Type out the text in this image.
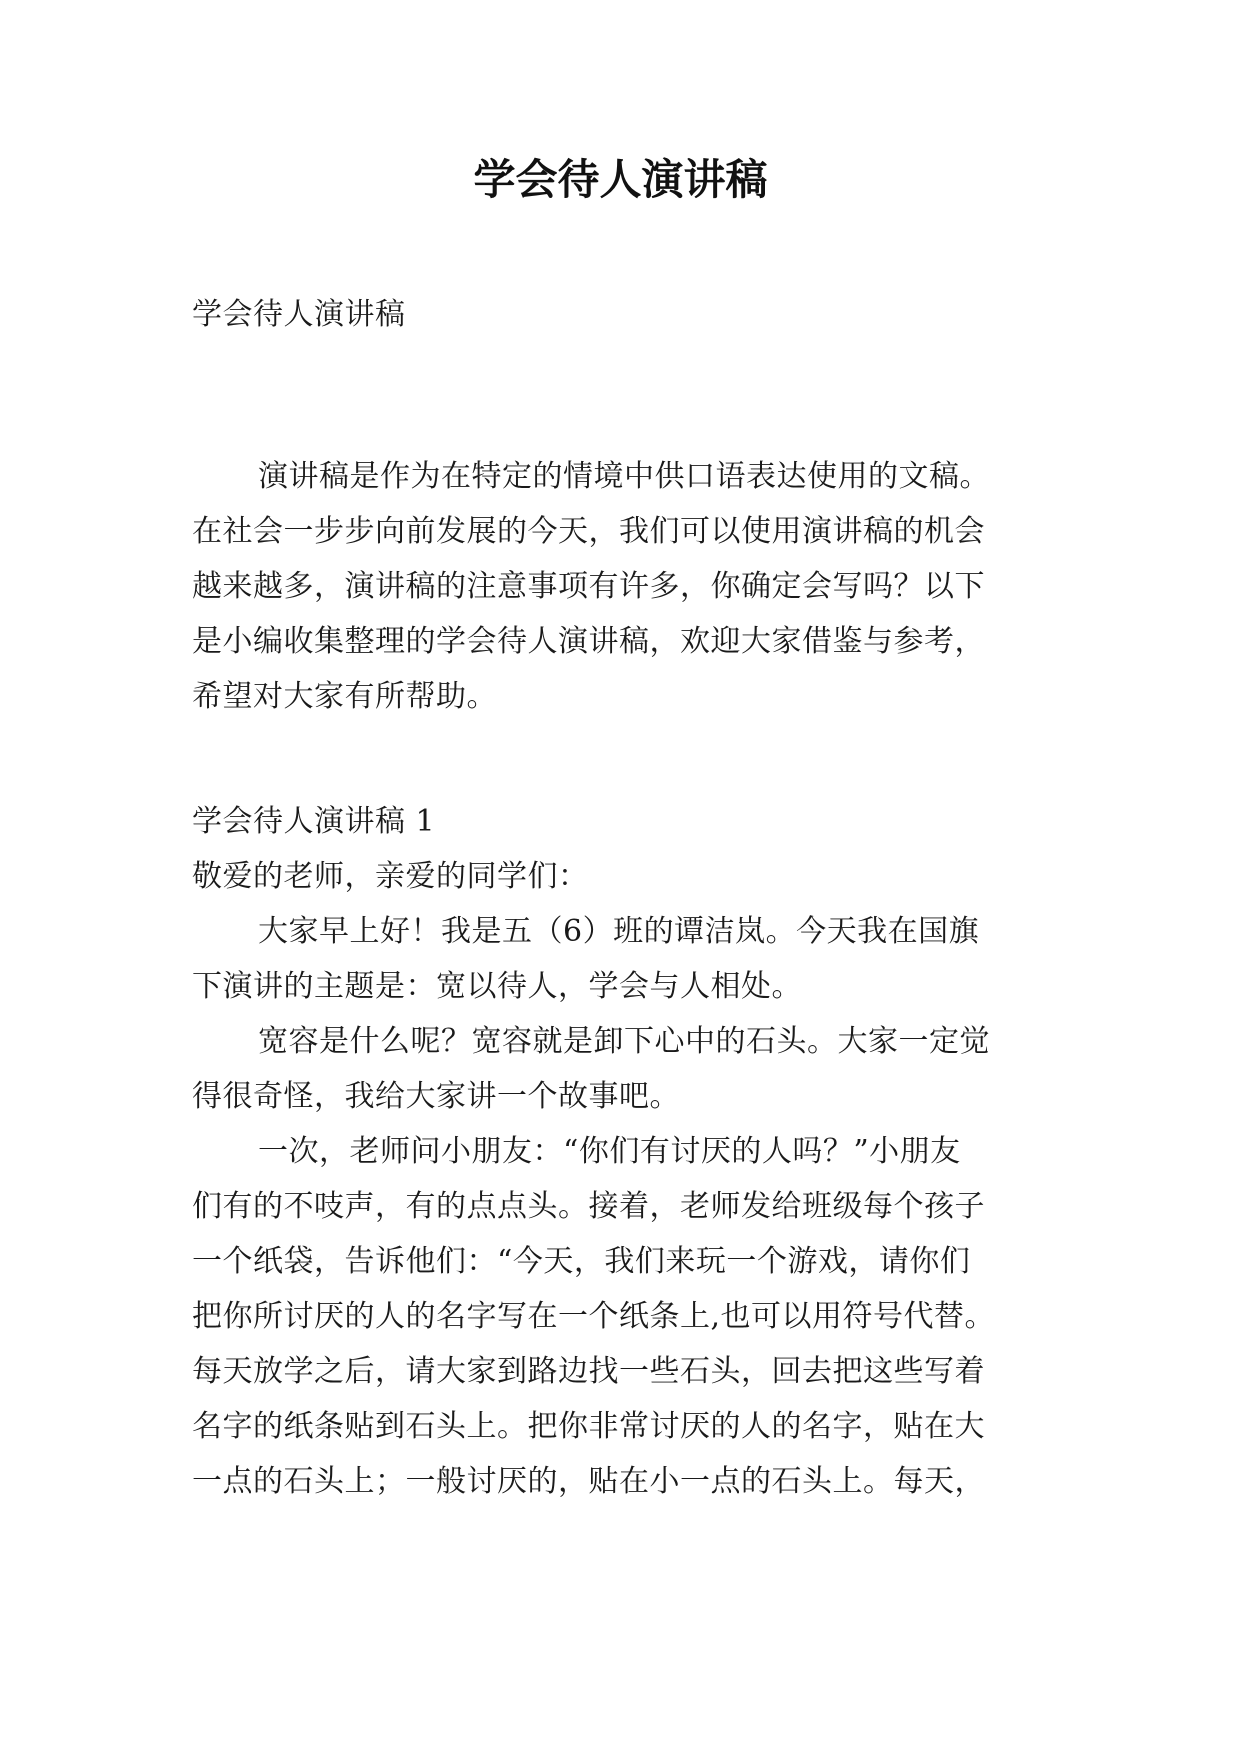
学会待人演讲稿

学会待人演讲稿

演讲稿是作为在特定的情境中供口语表达使用的文稿。

在社会一步步向前发展的今天，我们可以使用演讲稿的机会

越来越多，演讲稿的注意事项有许多，你确定会写吗？以下

是小编收集整理的学会待人演讲稿，欢迎大家借鉴与参考，

希望对大家有所帮助。

学会待人演讲稿 1

敬爱的老师，亲爱的同学们：

大家早上好！我是五（6）班的谭洁岚。今天我在国旗

下演讲的主题是：宽以待人，学会与人相处。

宽容是什么呢？宽容就是卸下心中的石头。大家一定觉

得很奇怪，我给大家讲一个故事吧。

一次，老师问小朋友：“你们有讨厌的人吗？”小朋友

们有的不吱声，有的点点头。接着，老师发给班级每个孩子

一个纸袋，告诉他们：“今天，我们来玩一个游戏，请你们

把你所讨厌的人的名字写在一个纸条上,也可以用符号代替。

每天放学之后，请大家到路边找一些石头，回去把这些写着

名字的纸条贴到石头上。把你非常讨厌的人的名字，贴在大

一点的石头上；一般讨厌的，贴在小一点的石头上。每天，
